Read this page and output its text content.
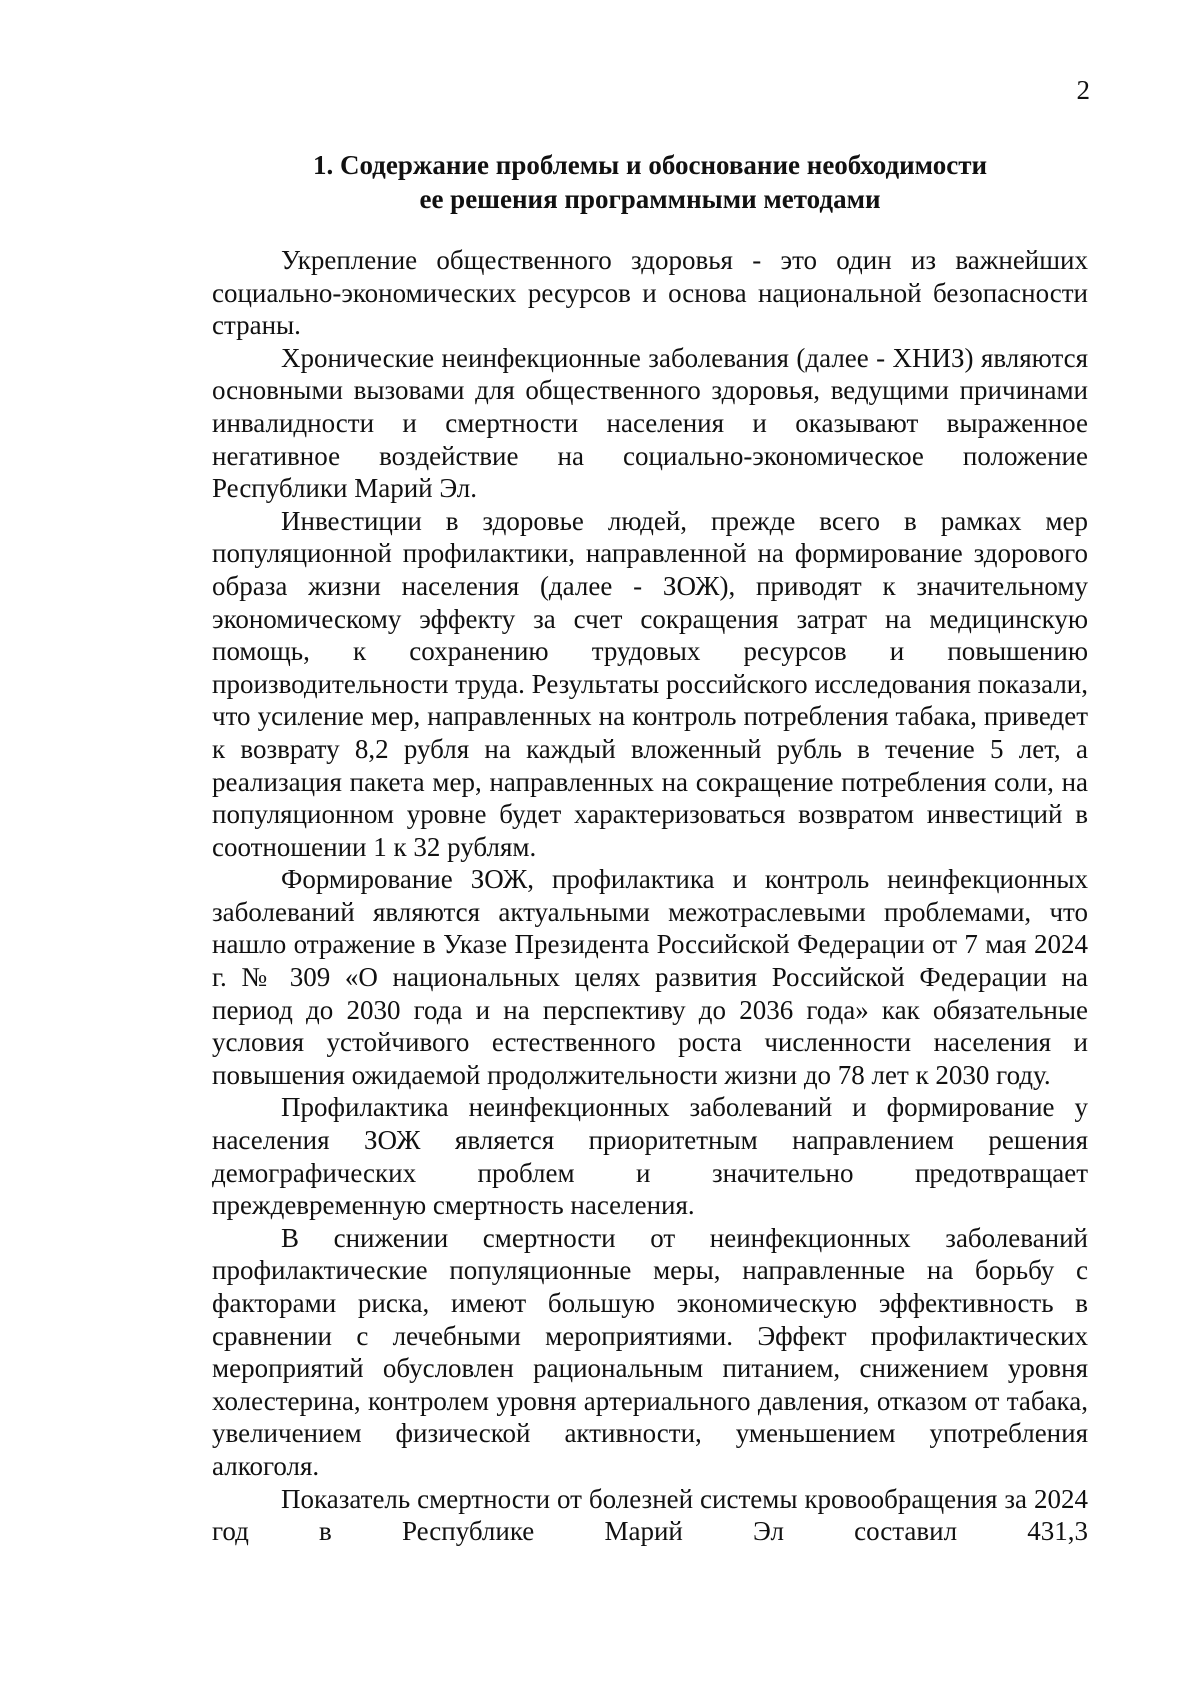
2
1. Содержание проблемы и обоснование необходимости
ее решения программными методами

Укрепление общественного здоровья - это один из важнейших социально-экономических ресурсов и основа национальной безопасности страны.

Хронические неинфекционные заболевания (далее - ХНИЗ) являются основными вызовами для общественного здоровья, ведущими причинами инвалидности и смертности населения и оказывают выраженное негативное воздействие на социально-экономическое положение Республики Марий Эл.

Инвестиции в здоровье людей, прежде всего в рамках мер популяционной профилактики, направленной на формирование здорового образа жизни населения (далее - ЗОЖ), приводят к значительному экономическому эффекту за счет сокращения затрат на медицинскую помощь, к сохранению трудовых ресурсов и повышению производительности труда. Результаты российского исследования показали, что усиление мер, направленных на контроль потребления табака, приведет к возврату 8,2 рубля на каждый вложенный рубль в течение 5 лет, а реализация пакета мер, направленных на сокращение потребления соли, на популяционном уровне будет характеризоваться возвратом инвестиций в соотношении 1 к 32 рублям.

Формирование ЗОЖ, профилактика и контроль неинфекционных заболеваний являются актуальными межотраслевыми проблемами, что нашло отражение в Указе Президента Российской Федерации от 7 мая 2024 г. № 309 «О национальных целях развития Российской Федерации на период до 2030 года и на перспективу до 2036 года» как обязательные условия устойчивого естественного роста численности населения и повышения ожидаемой продолжительности жизни до 78 лет к 2030 году.

Профилактика неинфекционных заболеваний и формирование у населения ЗОЖ является приоритетным направлением решения демографических проблем и значительно предотвращает преждевременную смертность населения.

В снижении смертности от неинфекционных заболеваний профилактические популяционные меры, направленные на борьбу с факторами риска, имеют большую экономическую эффективность в сравнении с лечебными мероприятиями. Эффект профилактических мероприятий обусловлен рациональным питанием, снижением уровня холестерина, контролем уровня артериального давления, отказом от табака, увеличением физической активности, уменьшением употребления алкоголя.

Показатель смертности от болезней системы кровообращения за 2024 год в Республике Марий Эл составил 431,3
